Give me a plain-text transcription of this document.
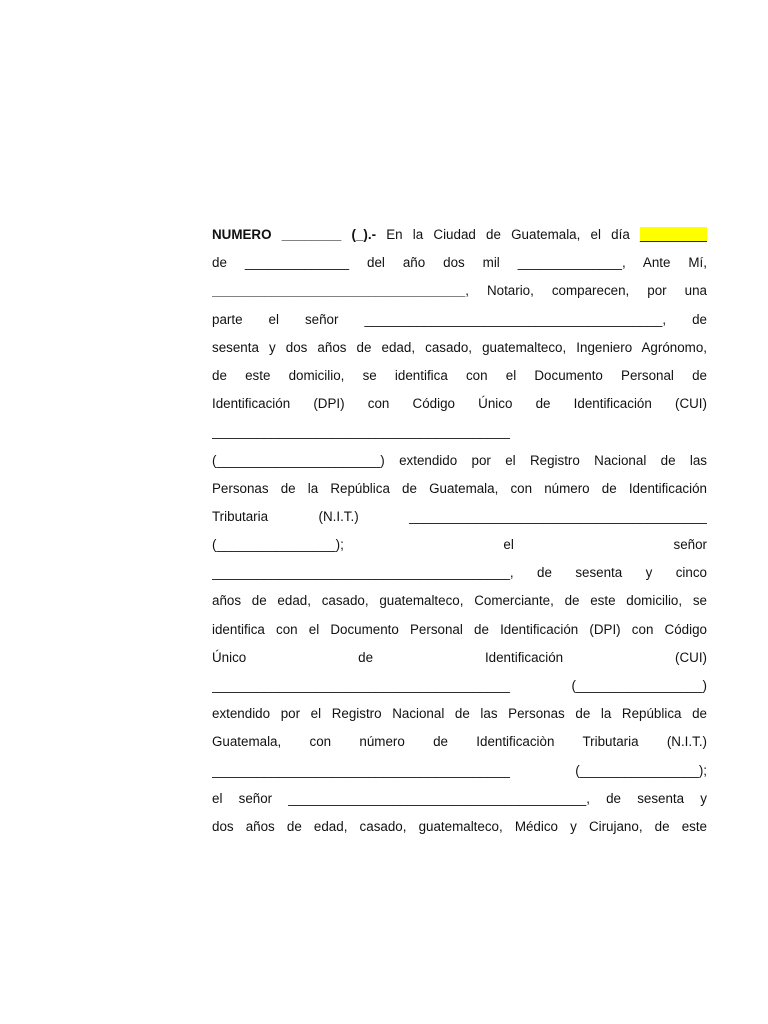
NUMERO ________ (_).- En la Ciudad de Guatemala, el día _________
de ______________ del año dos mil ______________, Ante Mí,
__________________________________, Notario, comparecen, por una
parte el señor ________________________________________, de
sesenta y dos años de edad, casado, guatemalteco, Ingeniero Agrónomo,
de este domicilio, se identifica con el Documento Personal de
Identificación (DPI) con Código Único de Identificación (CUI)
________________________________________
(______________________) extendido por el Registro Nacional de las
Personas de la República de Guatemala, con número de Identificación
Tributaria (N.I.T.) ________________________________________
(________________); el señor
________________________________________, de sesenta y cinco
años de edad, casado, guatemalteco, Comerciante, de este domicilio, se
identifica con el Documento Personal de Identificación (DPI) con Código
Único de Identificación (CUI)
________________________________________ (_________________)
extendido por el Registro Nacional de las Personas de la República de
Guatemala, con número de Identificaciòn Tributaria (N.I.T.)
________________________________________ (________________);
el señor ________________________________________, de sesenta y
dos años de edad, casado, guatemalteco, Médico y Cirujano, de este
